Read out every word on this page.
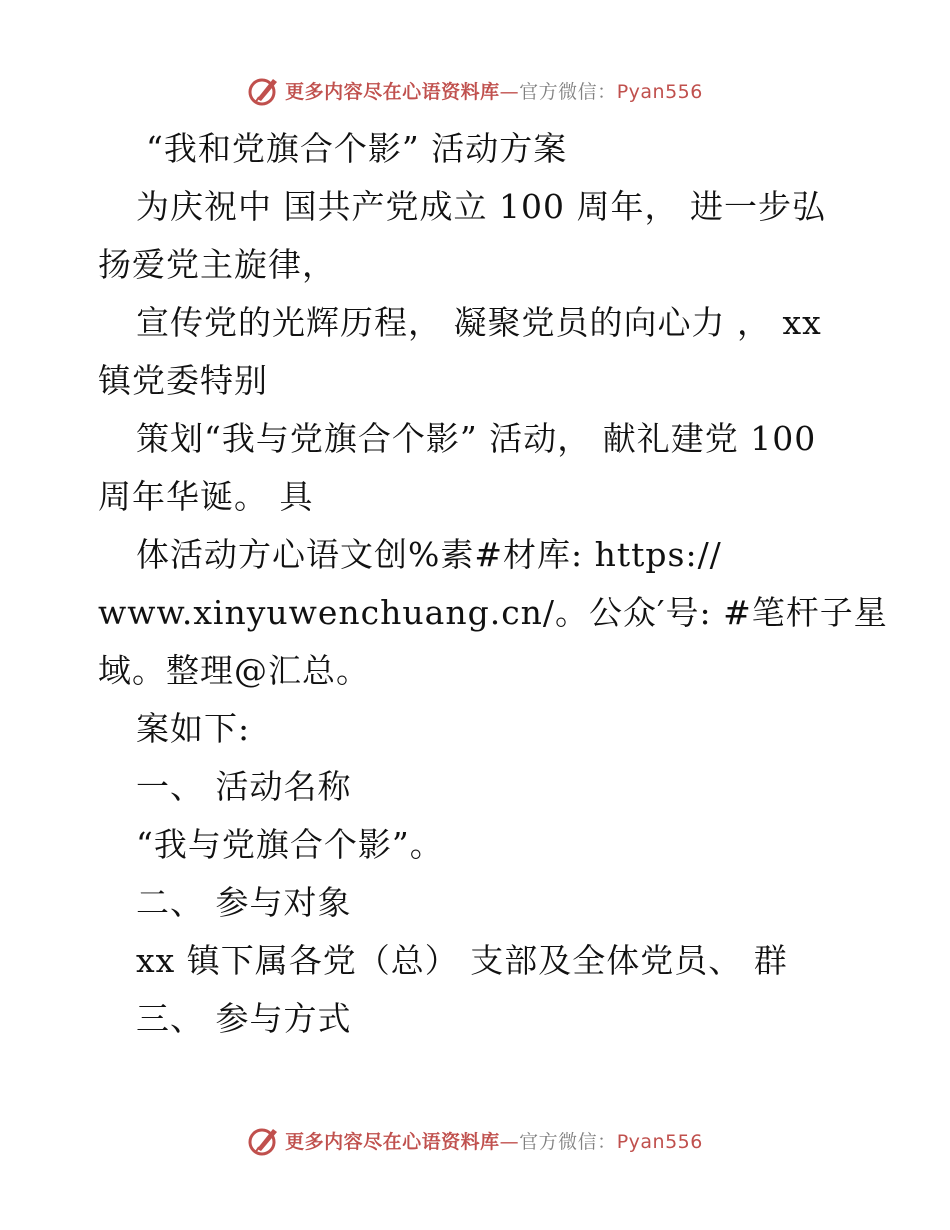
更多内容尽在心语资料库—官方微信：Pyan556
“我和党旗合个影” 活动方案
为庆祝中 国共产党成立 100 周年， 进一步弘
扬爱党主旋律，
宣传党的光辉历程， 凝聚党员的向心力 ， xx
镇党委特别
策划“我与党旗合个影” 活动， 献礼建党 100
周年华诞。 具
体活动方心语文创%素#材库: https://
www.xinyuwenchuang.cn/。公众′号: #笔杆子星
域。整理@汇总。
案如下:
一、 活动名称
“我与党旗合个影”。
二、 参与对象
xx 镇下属各党（总） 支部及全体党员、 群
三、 参与方式
更多内容尽在心语资料库—官方微信：Pyan556
